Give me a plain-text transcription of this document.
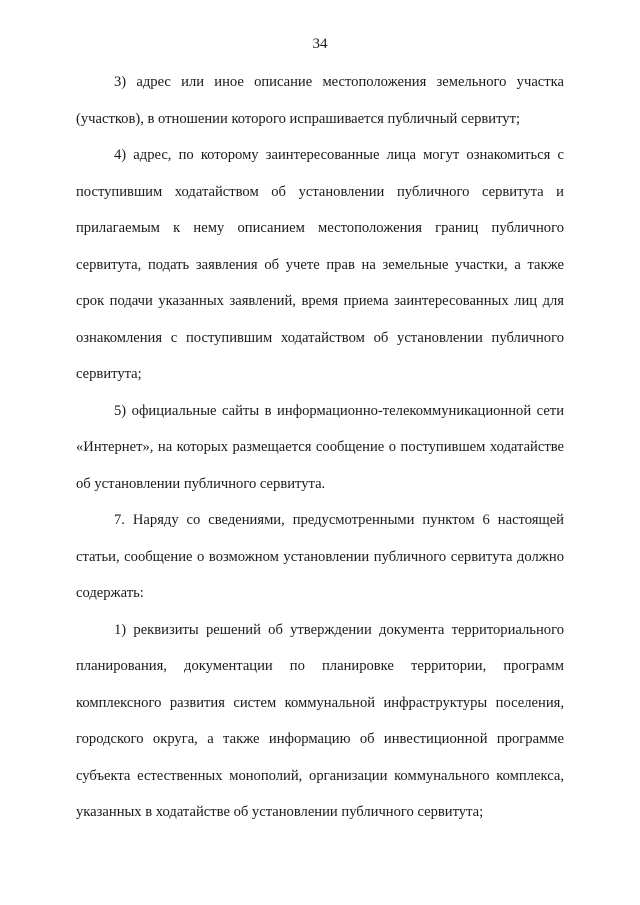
34

3) адрес или иное описание местоположения земельного участка (участков), в отношении которого испрашивается публичный сервитут;

4) адрес, по которому заинтересованные лица могут ознакомиться с поступившим ходатайством об установлении публичного сервитута и прилагаемым к нему описанием местоположения границ публичного сервитута, подать заявления об учете прав на земельные участки, а также срок подачи указанных заявлений, время приема заинтересованных лиц для ознакомления с поступившим ходатайством об установлении публичного сервитута;

5) официальные сайты в информационно-телекоммуникационной сети «Интернет», на которых размещается сообщение о поступившем ходатайстве об установлении публичного сервитута.

7. Наряду со сведениями, предусмотренными пунктом 6 настоящей статьи, сообщение о возможном установлении публичного сервитута должно содержать:

1) реквизиты решений об утверждении документа территориального планирования, документации по планировке территории, программ комплексного развития систем коммунальной инфраструктуры поселения, городского округа, а также информацию об инвестиционной программе субъекта естественных монополий, организации коммунального комплекса, указанных в ходатайстве об установлении публичного сервитута;
